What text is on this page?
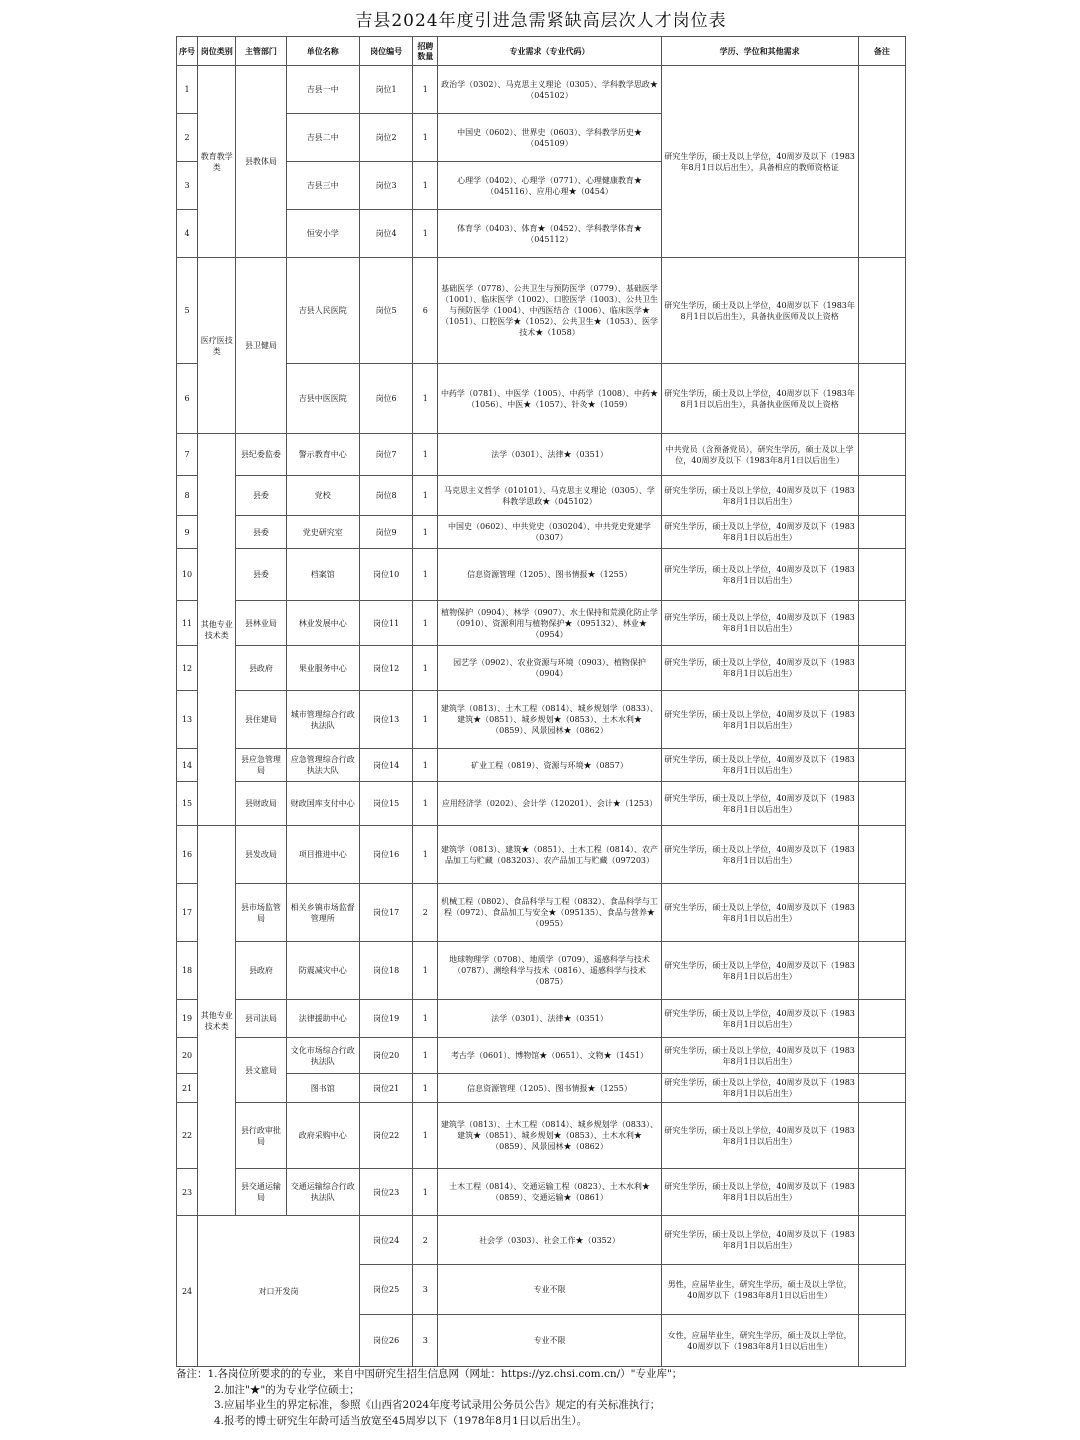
吉县2024年度引进急需紧缺高层次人才岗位表
序号	岗位类别	主管部门	单位名称	岗位编号	招聘数量	专业需求（专业代码）	学历、学位和其他需求	备注
1	教育教学类	县教体局	吉县一中	岗位1	1	政治学（0302）、马克思主义理论（0305）、学科教学思政★（045102）	研究生学历，硕士及以上学位，40周岁及以下（1983年8月1日以后出生），具备相应的教师资格证	
2			吉县二中	岗位2	1	中国史（0602）、世界史（0603）、学科教学历史★（045109）		
3			吉县三中	岗位3	1	心理学（0402）、心理学（0771）、心理健康教育★（045116）、应用心理★（0454）		
4			恒安小学	岗位4	1	体育学（0403）、体育★（0452）、学科教学体育★（045112）		
5	医疗医技类	县卫健局	吉县人民医院	岗位5	6	基础医学（0778）、公共卫生与预防医学（0779）、基础医学（1001）、临床医学（1002）、口腔医学（1003）、公共卫生与预防医学（1004）、中西医结合（1006）、临床医学★（1051）、口腔医学★（1052）、公共卫生★（1053）、医学技术★（1058）	研究生学历，硕士及以上学位，40周岁以下（1983年8月1日以后出生），具备执业医师及以上资格	
6			吉县中医医院	岗位6	1	中药学（0781）、中医学（1005）、中药学（1008）、中药★（1056）、中医★（1057）、针灸★（1059）	研究生学历，硕士及以上学位，40周岁以下（1983年8月1日以后出生），具备执业医师及以上资格	
7	其他专业技术类	县纪委监委	警示教育中心	岗位7	1	法学（0301）、法律★（0351）	中共党员（含预备党员），研究生学历，硕士及以上学位，40周岁及以下（1983年8月1日以后出生）	
8		县委	党校	岗位8	1	马克思主义哲学（010101）、马克思主义理论（0305）、学科教学思政★（045102）	研究生学历，硕士及以上学位，40周岁及以下（1983年8月1日以后出生）	
9		县委	党史研究室	岗位9	1	中国史（0602）、中共党史（030204）、中共党史党建学（0307）	研究生学历，硕士及以上学位，40周岁及以下（1983年8月1日以后出生）	
10		县委	档案馆	岗位10	1	信息资源管理（1205）、图书情报★（1255）	研究生学历，硕士及以上学位，40周岁及以下（1983年8月1日以后出生）	
11		县林业局	林业发展中心	岗位11	1	植物保护（0904）、林学（0907）、水土保持和荒漠化防止学（0910）、资源利用与植物保护★（095132）、林业★（0954）	研究生学历，硕士及以上学位，40周岁及以下（1983年8月1日以后出生）	
12		县政府	果业服务中心	岗位12	1	园艺学（0902）、农业资源与环境（0903）、植物保护（0904）	研究生学历，硕士及以上学位，40周岁及以下（1983年8月1日以后出生）	
13		县住建局	城市管理综合行政执法队	岗位13	1	建筑学（0813）、土木工程（0814）、城乡规划学（0833）、建筑★（0851）、城乡规划★（0853）、土木水利★（0859）、风景园林★（0862）	研究生学历，硕士及以上学位，40周岁及以下（1983年8月1日以后出生）	
14		县应急管理局	应急管理综合行政执法大队	岗位14	1	矿业工程（0819）、资源与环境★（0857）	研究生学历，硕士及以上学位，40周岁及以下（1983年8月1日以后出生）	
15		县财政局	财政国库支付中心	岗位15	1	应用经济学（0202）、会计学（120201）、会计★（1253）	研究生学历，硕士及以上学位，40周岁及以下（1983年8月1日以后出生）	
16	其他专业技术类	县发改局	项目推进中心	岗位16	1	建筑学（0813）、建筑★（0851）、土木工程（0814）、农产品加工与贮藏（083203）、农产品加工与贮藏（097203）	研究生学历，硕士及以上学位，40周岁及以下（1983年8月1日以后出生）	
17		县市场监管局	相关乡镇市场监督管理所	岗位17	2	机械工程（0802）、食品科学与工程（0832）、食品科学与工程（0972）、食品加工与安全★（095135）、食品与营养★（0955）	研究生学历，硕士及以上学位，40周岁及以下（1983年8月1日以后出生）	
18		县政府	防震减灾中心	岗位18	1	地球物理学（0708）、地质学（0709）、遥感科学与技术（0787）、测绘科学与技术（0816）、遥感科学与技术（0875）	研究生学历，硕士及以上学位，40周岁及以下（1983年8月1日以后出生）	
19		县司法局	法律援助中心	岗位19	1	法学（0301）、法律★（0351）	研究生学历，硕士及以上学位，40周岁及以下（1983年8月1日以后出生）	
20		县文旅局	文化市场综合行政执法队	岗位20	1	考古学（0601）、博物馆★（0651）、文物★（1451）	研究生学历，硕士及以上学位，40周岁及以下（1983年8月1日以后出生）	
21			图书馆	岗位21	1	信息资源管理（1205）、图书情报★（1255）	研究生学历，硕士及以上学位，40周岁及以下（1983年8月1日以后出生）	
22		县行政审批局	政府采购中心	岗位22	1	建筑学（0813）、土木工程（0814）、城乡规划学（0833）、建筑★（0851）、城乡规划★（0853）、土木水利★（0859）、风景园林★（0862）	研究生学历，硕士及以上学位，40周岁及以下（1983年8月1日以后出生）	
23		县交通运输局	交通运输综合行政执法队	岗位23	1	土木工程（0814）、交通运输工程（0823）、土木水利★（0859）、交通运输★（0861）	研究生学历，硕士及以上学位，40周岁及以下（1983年8月1日以后出生）	
24	对口开发岗			岗位24	2	社会学（0303）、社会工作★（0352）	研究生学历，硕士及以上学位，40周岁及以下（1983年8月1日以后出生）	
				岗位25	3	专业不限	男性，应届毕业生，研究生学历，硕士及以上学位，40周岁以下（1983年8月1日以后出生）	
				岗位26	3	专业不限	女性，应届毕业生，研究生学历，硕士及以上学位，40周岁以下（1983年8月1日以后出生）	
备注：1.各岗位所要求的的专业，来自中国研究生招生信息网（网址：https://yz.chsi.com.cn/）"专业库"；
2.加注"★"的为专业学位硕士；
3.应届毕业生的界定标准，参照《山西省2024年度考试录用公务员公告》规定的有关标准执行；
4.报考的博士研究生年龄可适当放宽至45周岁以下（1978年8月1日以后出生）。
